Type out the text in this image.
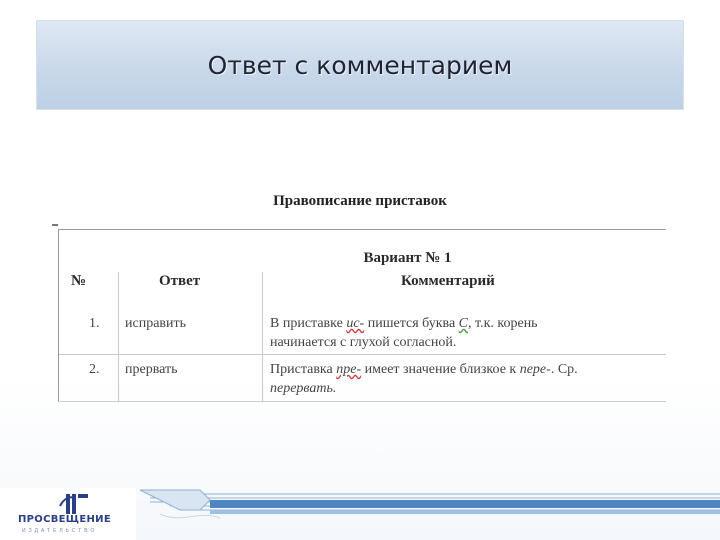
Ответ с комментарием
Правописание приставок
Вариант № 1
№	Ответ	Комментарий
1. исправить	В приставке ис- пишется буква С, т.к. корень
начинается с глухой согласной.
2. прервать	Приставка пре- имеет значение близкое к пере-. Ср.
перервать.
ПРОСВЕЩЕНИЕ
ИЗДАТЕЛЬСТВО
